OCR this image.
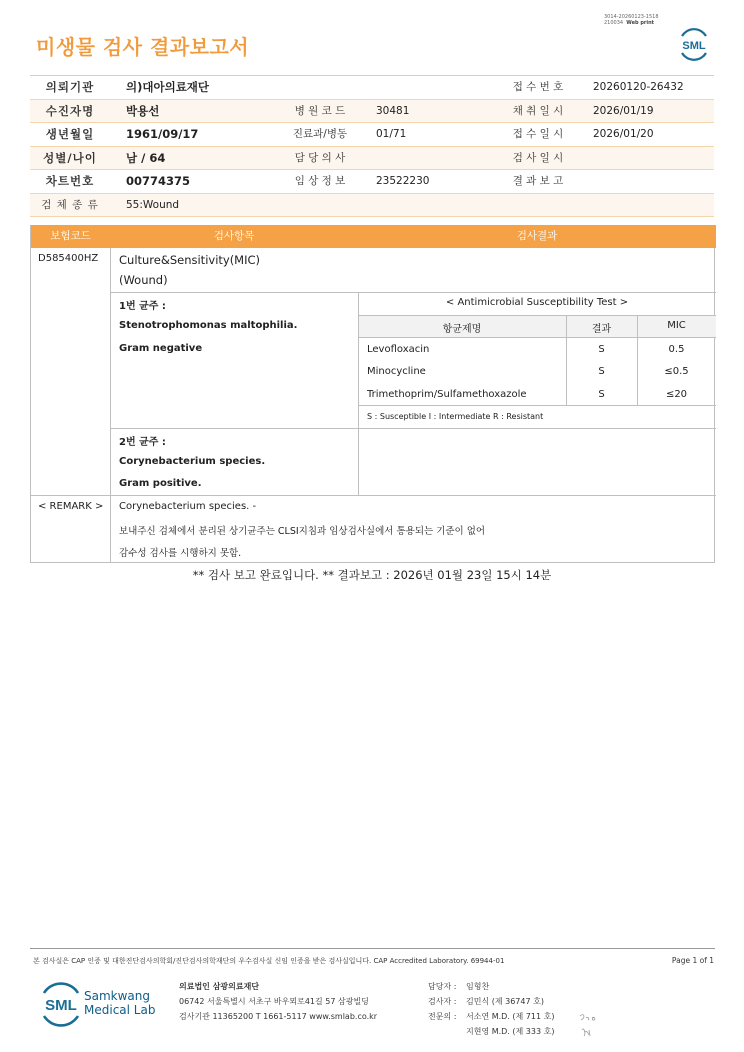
3014-20260123-1518
210034 Web print
미생물 검사 결과보고서	SML
의뢰기관	의)대아의료재단	접 수 번 호	20260120-26432
수진자명	박용선	병 원 코 드	30481	채 취 일 시	2026/01/19
생년월일	1961/09/17	진료과/병동	01/71	접 수 일 시	2026/01/20
성별/나이	남 / 64	담 당 의 사	검 사 일 시
차트번호	00774375	임 상 정 보	23522230	결 과 보 고
검 체 종 류	55:Wound
보험코드	검사항목	검사결과
D585400HZ Culture&Sensitivity(MIC)
(Wound)
1번 균주 :
Stenotrophomonas maltophilia.
Gram negative
< Antimicrobial Susceptibility Test >
항균제명	결과	MIC
Levofloxacin	S	0.5
Minocycline	S	≤0.5
Trimethoprim/Sulfamethoxazole	S	≤20
S : Susceptible I : Intermediate R : Resistant
2번 균주 :
Corynebacterium species.
Gram positive.
< REMARK > Corynebacterium species. -
보내주신 검체에서 분리된 상기균주는 CLSI지침과 임상검사실에서 통용되는 기준이 없어
감수성 검사를 시행하지 못함.
** 검사 보고 완료입니다. ** 결과보고 : 2026년 01월 23일 15시 14분
본 검사실은 CAP 인증 및 대한진단검사의학회/진단검사의학재단의 우수검사실 신임 인증을 받은 검사실입니다. CAP Accredited Laboratory. 69944-01	Page 1 of 1
SML
Samkwang
Medical Lab
의료법인 삼광의료재단
06742 서울특별시 서초구 바우뫼로41길 57 삼광빌딩
검사기관 11365200 T 1661-5117 www.smlab.co.kr
담당자 : 임형찬
검사자 : 김민식 (제 36747 호)
전문의 : 서소연 M.D. (제 711 호)
지현영 M.D. (제 333 호)
